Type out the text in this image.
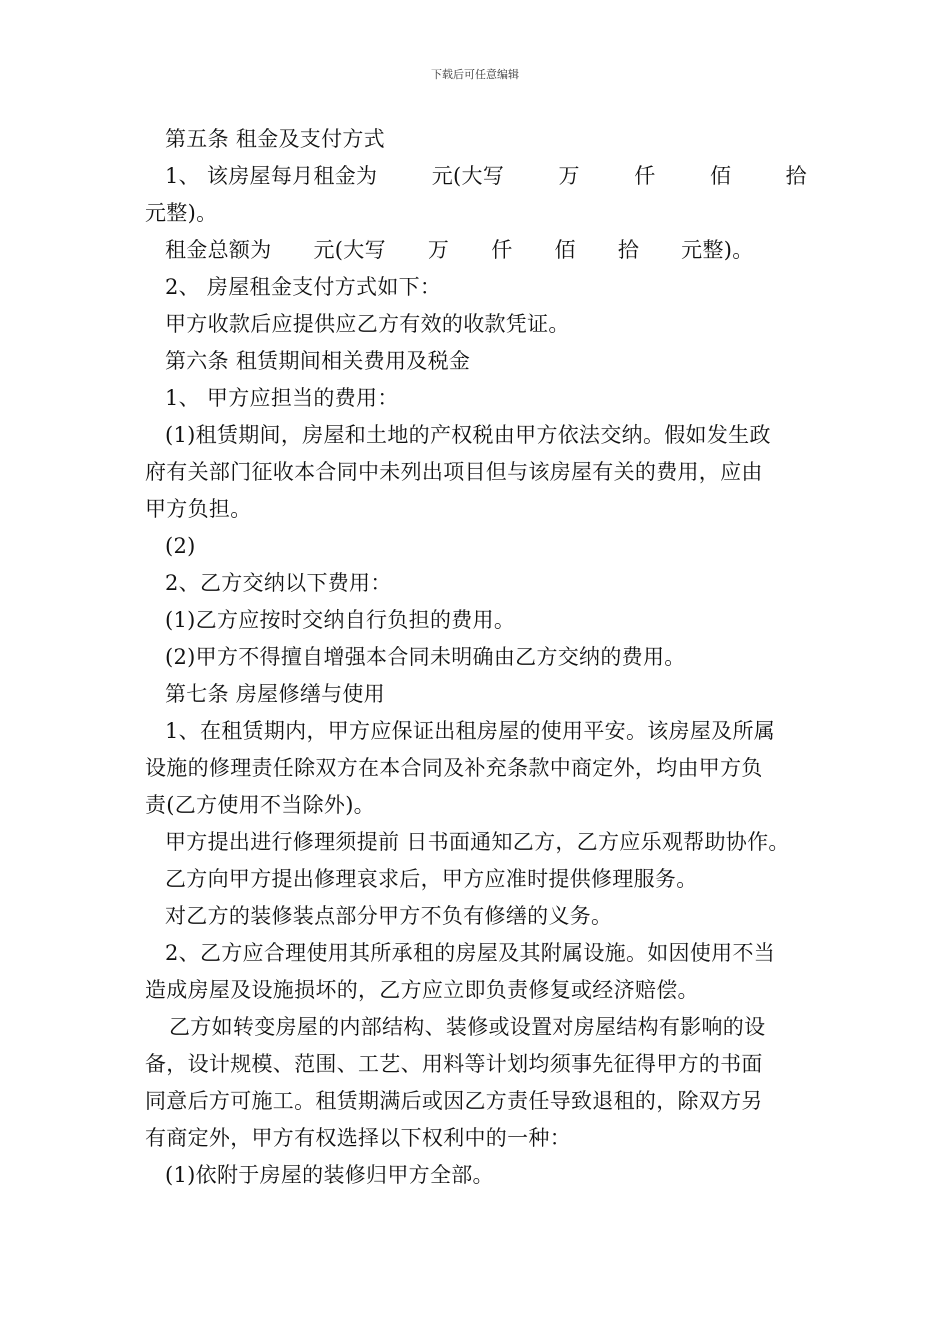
下载后可任意编辑
第五条 租金及支付方式
1、 该房屋每月租金为	元(大写	万	仟	佰	拾
元整)。
租金总额为 元(大写 万 仟 佰 拾 元整)。
2、 房屋租金支付方式如下：
甲方收款后应提供应乙方有效的收款凭证。
第六条 租赁期间相关费用及税金
1、 甲方应担当的费用：
(1)租赁期间，房屋和土地的产权税由甲方依法交纳。假如发生政
府有关部门征收本合同中未列出项目但与该房屋有关的费用，应由
甲方负担。
(2)
2、乙方交纳以下费用：
(1)乙方应按时交纳自行负担的费用。
(2)甲方不得擅自增强本合同未明确由乙方交纳的费用。
第七条 房屋修缮与使用
1、在租赁期内，甲方应保证出租房屋的使用平安。该房屋及所属
设施的修理责任除双方在本合同及补充条款中商定外，均由甲方负
责(乙方使用不当除外)。
甲方提出进行修理须提前 日书面通知乙方，乙方应乐观帮助协作。
乙方向甲方提出修理哀求后，甲方应准时提供修理服务。
对乙方的装修装点部分甲方不负有修缮的义务。
2、乙方应合理使用其所承租的房屋及其附属设施。如因使用不当
造成房屋及设施损坏的，乙方应立即负责修复或经济赔偿。
乙方如转变房屋的内部结构、装修或设置对房屋结构有影响的设
备，设计规模、范围、工艺、用料等计划均须事先征得甲方的书面
同意后方可施工。租赁期满后或因乙方责任导致退租的，除双方另
有商定外，甲方有权选择以下权利中的一种：
(1)依附于房屋的装修归甲方全部。
